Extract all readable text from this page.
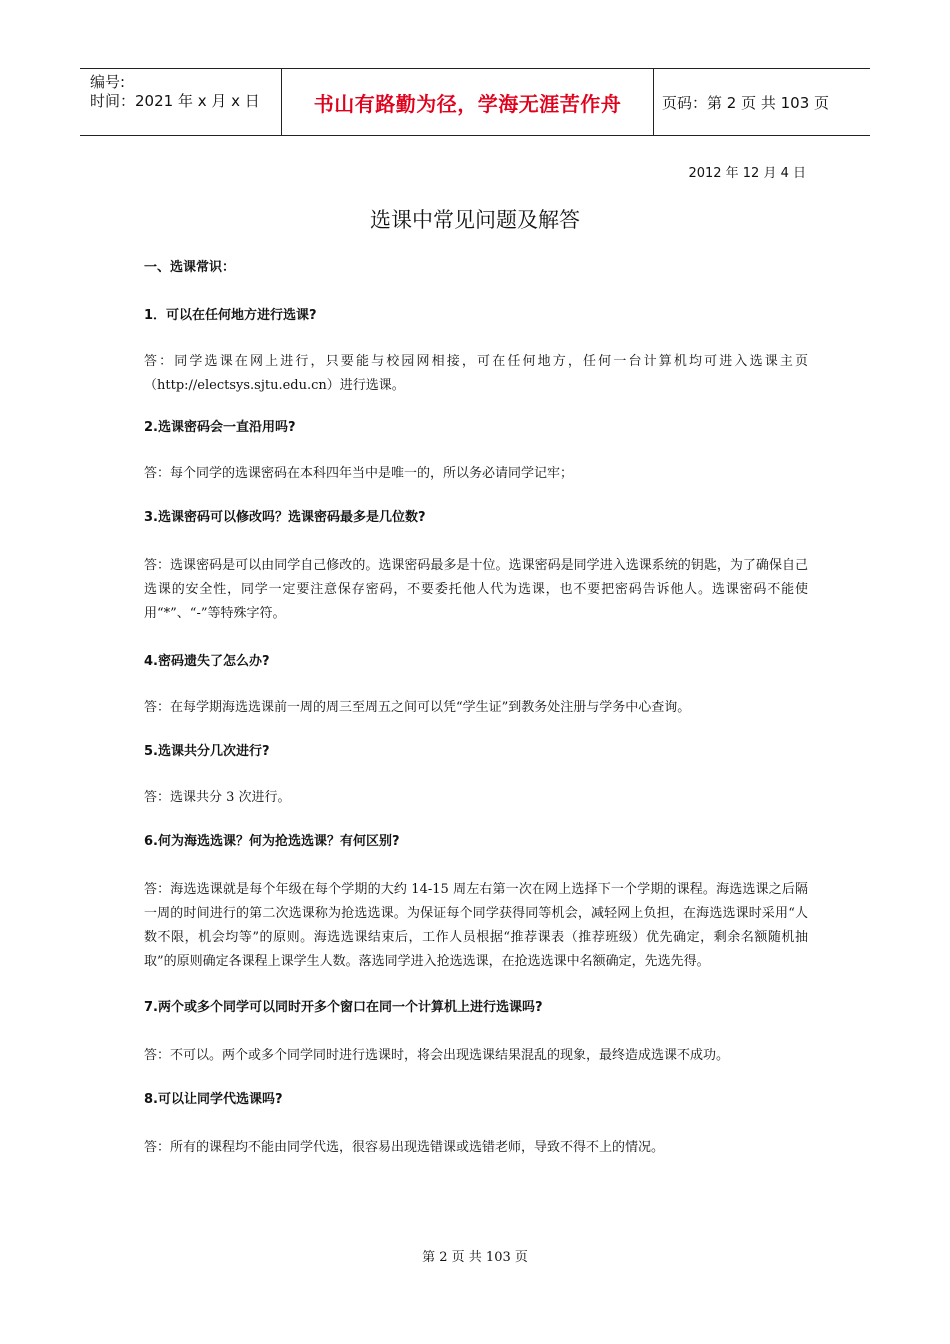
编号:
时间：2021 年 x 月 x 日	书山有路勤为径，学海无涯苦作舟	页码：第 2 页 共 103 页
2012 年 12 月 4 日
选课中常见问题及解答

一、选课常识：

1．可以在任何地方进行选课?

答：同学选课在网上进行，只要能与校园网相接，可在任何地方，任何一台计算机均可进入选课主页（http://electsys.sjtu.edu.cn）进行选课。

2.选课密码会一直沿用吗?

答：每个同学的选课密码在本科四年当中是唯一的，所以务必请同学记牢；

3.选课密码可以修改吗？选课密码最多是几位数?

答：选课密码是可以由同学自己修改的。选课密码最多是十位。选课密码是同学进入选课系统的钥匙，为了确保自己选课的安全性，同学一定要注意保存密码，不要委托他人代为选课，也不要把密码告诉他人。选课密码不能使用“*”、“-”等特殊字符。

4.密码遗失了怎么办?

答：在每学期海选选课前一周的周三至周五之间可以凭“学生证”到教务处注册与学务中心查询。

5.选课共分几次进行?

答：选课共分 3 次进行。

6.何为海选选课？何为抢选选课？有何区别?

答：海选选课就是每个年级在每个学期的大约 14-15 周左右第一次在网上选择下一个学期的课程。海选选课之后隔一周的时间进行的第二次选课称为抢选选课。为保证每个同学获得同等机会，减轻网上负担，在海选选课时采用“人数不限，机会均等”的原则。海选选课结束后，工作人员根据“推荐课表（推荐班级）优先确定，剩余名额随机抽取”的原则确定各课程上课学生人数。落选同学进入抢选选课，在抢选选课中名额确定，先选先得。

7.两个或多个同学可以同时开多个窗口在同一个计算机上进行选课吗?

答：不可以。两个或多个同学同时进行选课时，将会出现选课结果混乱的现象，最终造成选课不成功。

8.可以让同学代选课吗?

答：所有的课程均不能由同学代选，很容易出现选错课或选错老师，导致不得不上的情况。

第 2 页 共 103 页
